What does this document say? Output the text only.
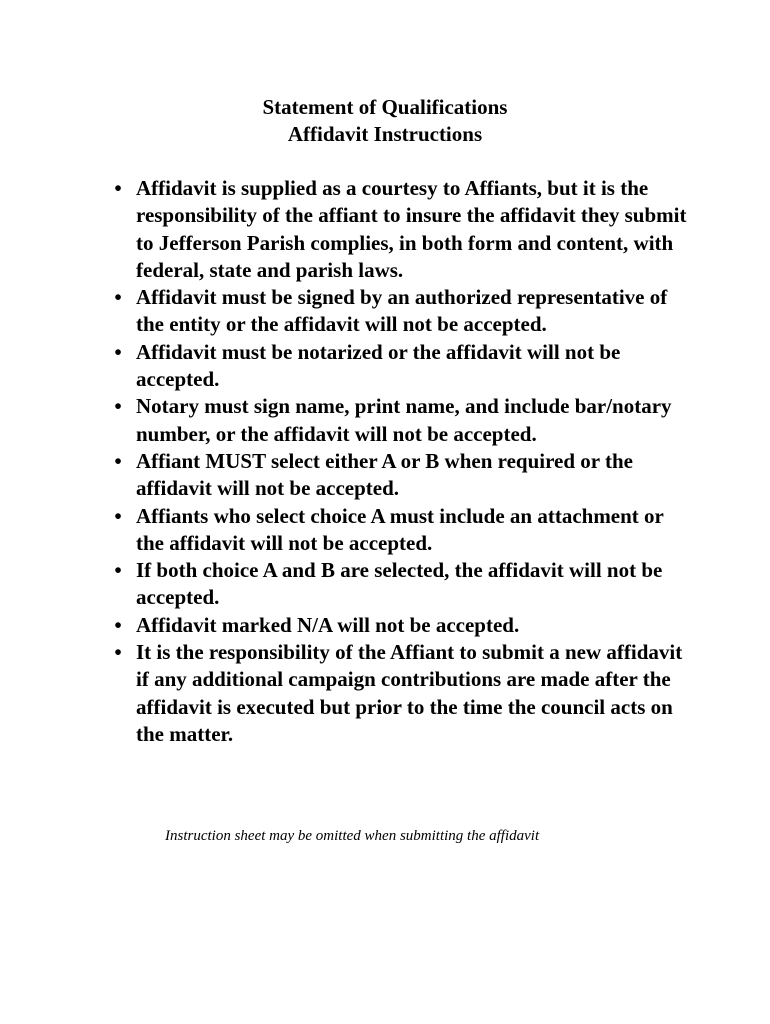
Statement of Qualifications
Affidavit Instructions
• Affidavit is supplied as a courtesy to Affiants, but it is the responsibility of the affiant to insure the affidavit they submit to Jefferson Parish complies, in both form and content, with federal, state and parish laws.
• Affidavit must be signed by an authorized representative of the entity or the affidavit will not be accepted.
• Affidavit must be notarized or the affidavit will not be accepted.
• Notary must sign name, print name, and include bar/notary number, or the affidavit will not be accepted.
• Affiant MUST select either A or B when required or the affidavit will not be accepted.
• Affiants who select choice A must include an attachment or the affidavit will not be accepted.
• If both choice A and B are selected, the affidavit will not be accepted.
• Affidavit marked N/A will not be accepted.
• It is the responsibility of the Affiant to submit a new affidavit if any additional campaign contributions are made after the affidavit is executed but prior to the time the council acts on the matter.
Instruction sheet may be omitted when submitting the affidavit
